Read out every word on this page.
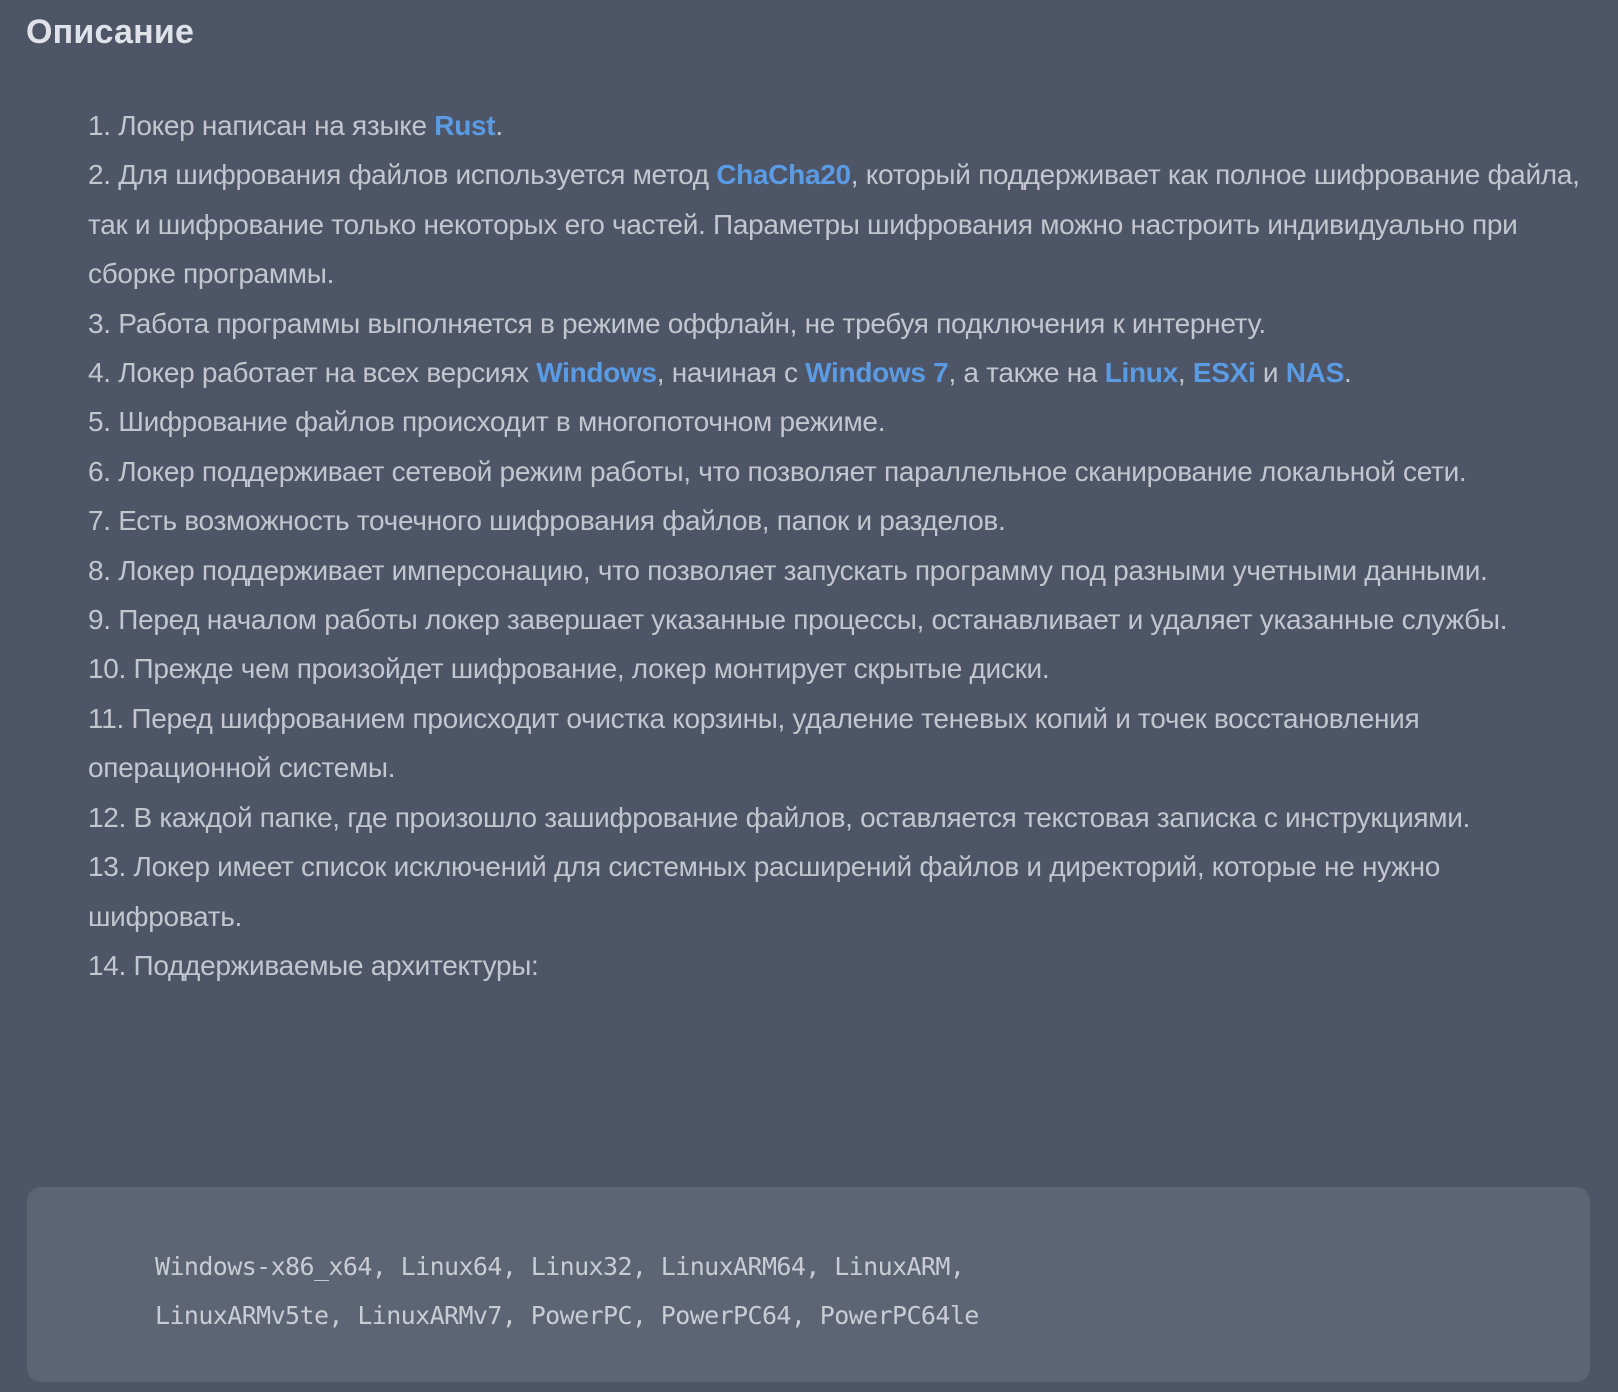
Описание
1. Локер написан на языке Rust.
2. Для шифрования файлов используется метод ChaCha20, который поддерживает как полное шифрование файла, так и шифрование только некоторых его частей. Параметры шифрования можно настроить индивидуально при сборке программы.
3. Работа программы выполняется в режиме оффлайн, не требуя подключения к интернету.
4. Локер работает на всех версиях Windows, начиная с Windows 7, а также на Linux, ESXi и NAS.
5. Шифрование файлов происходит в многопоточном режиме.
6. Локер поддерживает сетевой режим работы, что позволяет параллельное сканирование локальной сети.
7. Есть возможность точечного шифрования файлов, папок и разделов.
8. Локер поддерживает имперсонацию, что позволяет запускать программу под разными учетными данными.
9. Перед началом работы локер завершает указанные процессы, останавливает и удаляет указанные службы.
10. Прежде чем произойдет шифрование, локер монтирует скрытые диски.
11. Перед шифрованием происходит очистка корзины, удаление теневых копий и точек восстановления операционной системы.
12. В каждой папке, где произошло зашифрование файлов, оставляется текстовая записка с инструкциями.
13. Локер имеет список исключений для системных расширений файлов и директорий, которые не нужно шифровать.
14. Поддерживаемые архитектуры:
Windows-x86_x64, Linux64, Linux32, LinuxARM64, LinuxARM,
LinuxARMv5te, LinuxARMv7, PowerPC, PowerPC64, PowerPC64le
